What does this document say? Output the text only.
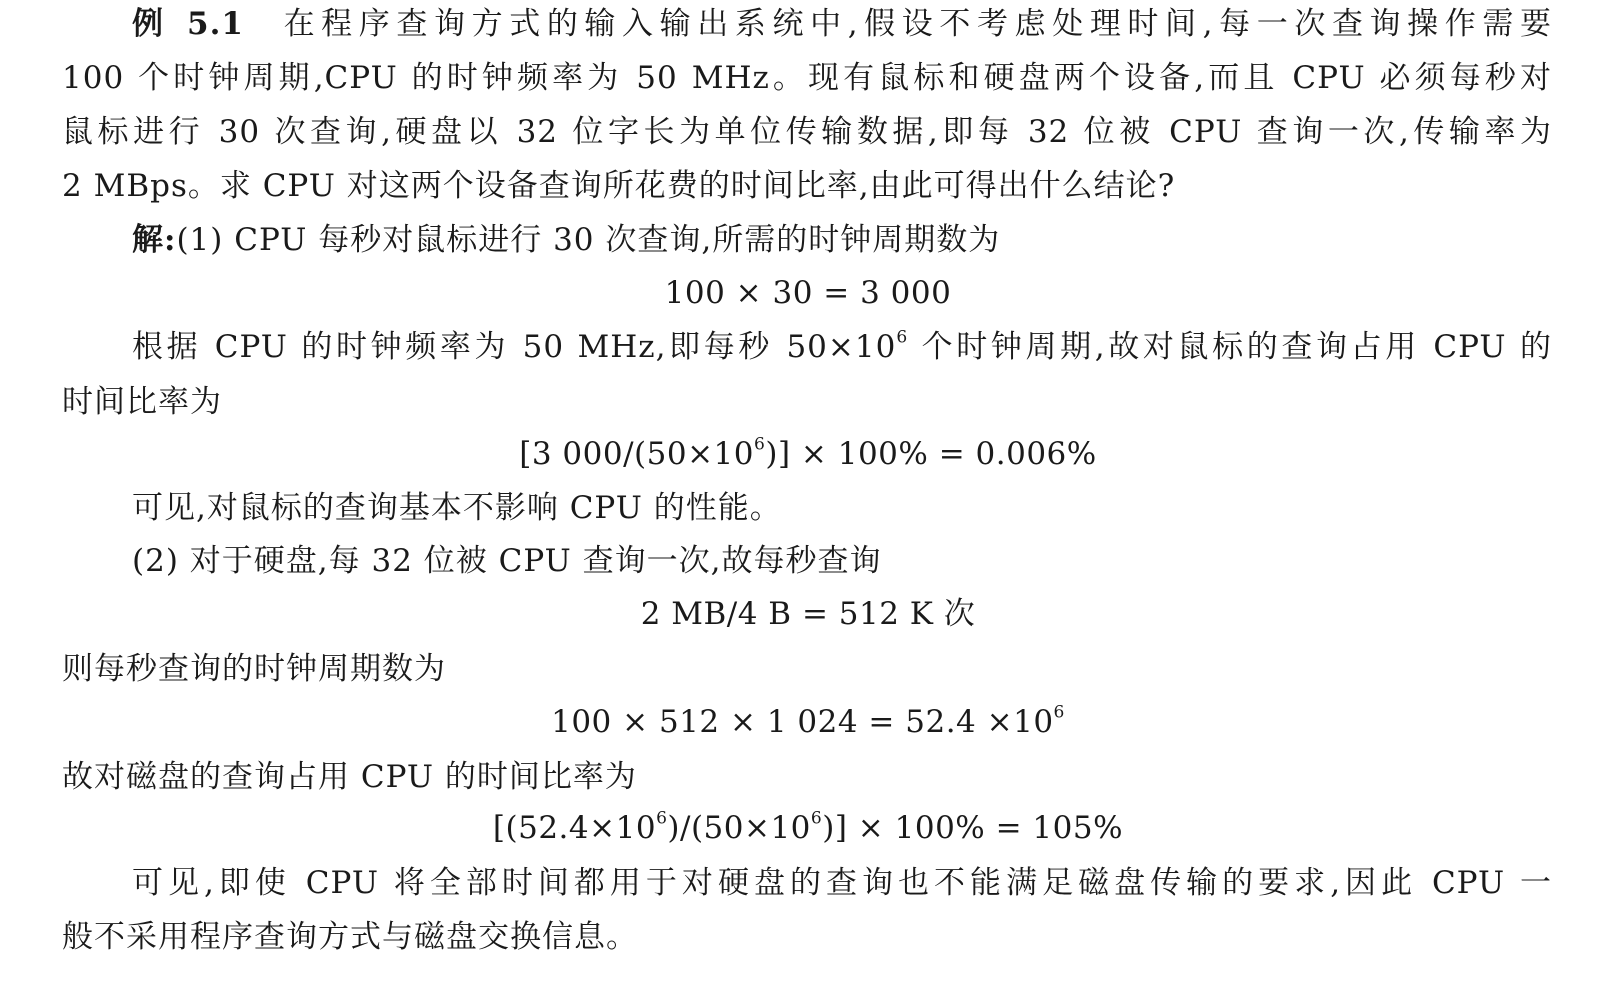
例 5.1 在程序查询方式的输入输出系统中,假设不考虑处理时间,每一次查询操作需要
100 个时钟周期,CPU 的时钟频率为 50 MHz。现有鼠标和硬盘两个设备,而且 CPU 必须每秒对
鼠标进行 30 次查询,硬盘以 32 位字长为单位传输数据,即每 32 位被 CPU 查询一次,传输率为
2 MBps。求 CPU 对这两个设备查询所花费的时间比率,由此可得出什么结论?
解:(1) CPU 每秒对鼠标进行 30 次查询,所需的时钟周期数为
100 × 30 = 3 000
根据 CPU 的时钟频率为 50 MHz,即每秒 $50\times 10^6$ 个时钟周期,故对鼠标的查询占用 CPU 的
时间比率为
[3 $000/(50\times 10^6)] \times 100\% = 0.006\%$
可见,对鼠标的查询基本不影响 CPU 的性能。
(2) 对于硬盘,每 32 位被 CPU 查询一次,故每秒查询
2 MB/4 B = 512 K 次
则每秒查询的时钟周期数为
100 × 512 × 1 $024 = 52.4 \times 10^6$
故对磁盘的查询占用 CPU 的时间比率为
$[(52.4\times 10^6)/(50\times 10^6)] \times 100\% = 105\%$
可见,即使 CPU 将全部时间都用于对硬盘的查询也不能满足磁盘传输的要求,因此 CPU 一
般不采用程序查询方式与磁盘交换信息。
